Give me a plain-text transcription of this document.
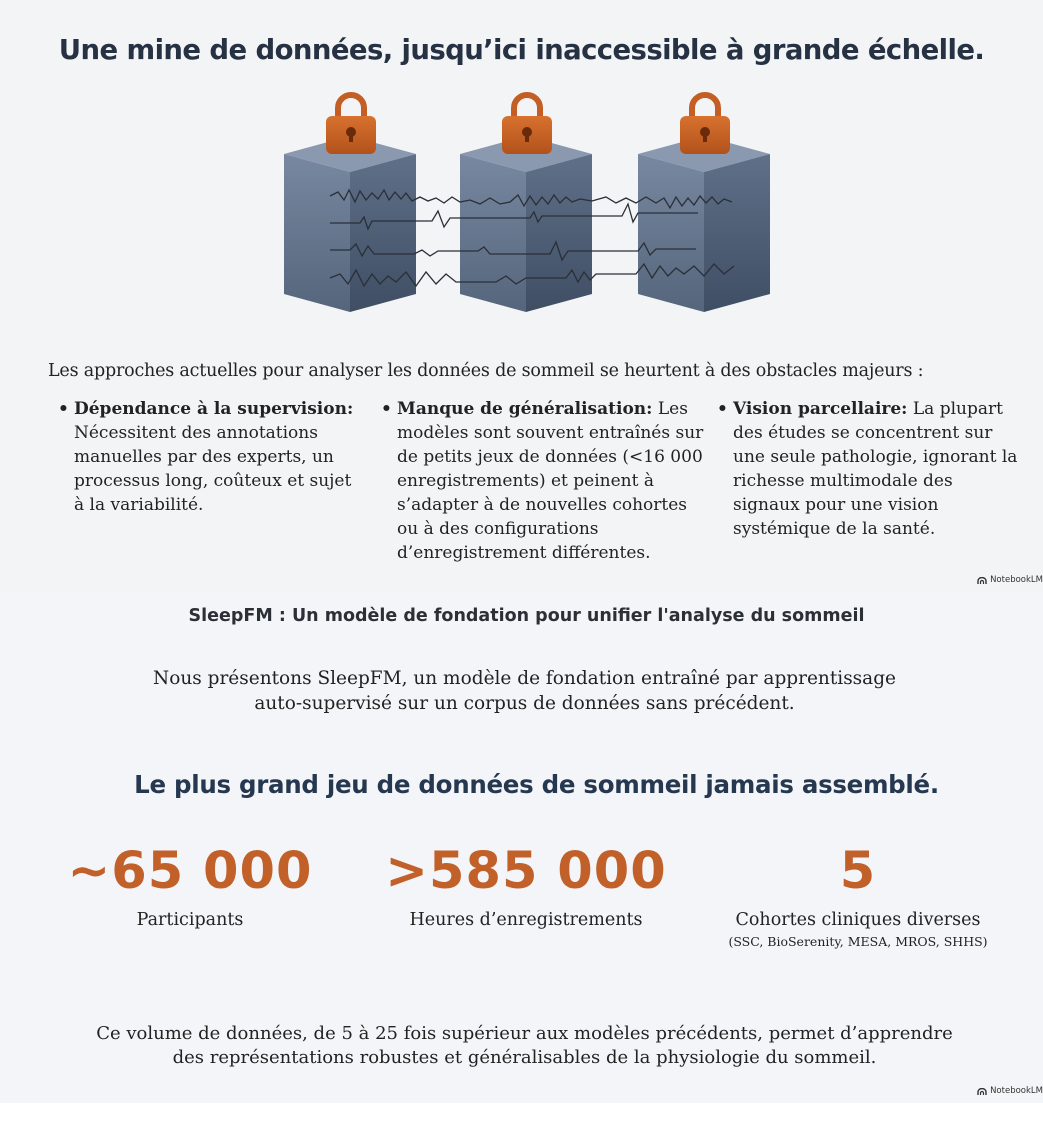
Une mine de données, jusqu’ici inaccessible à grande échelle.

Les approches actuelles pour analyser les données de sommeil se heurtent à des obstacles majeurs :

• Dépendance à la supervision: Nécessitent des annotations manuelles par des experts, un processus long, coûteux et sujet à la variabilité.
• Manque de généralisation: Les modèles sont souvent entraînés sur de petits jeux de données (<16 000 enregistrements) et peinent à s’adapter à de nouvelles cohortes ou à des configurations d’enregistrement différentes.
• Vision parcellaire: La plupart des études se concentrent sur une seule pathologie, ignorant la richesse multimodale des signaux pour une vision systémique de la santé.
NotebookLM
SleepFM : Un modèle de fondation pour unifier l'analyse du sommeil

Nous présentons SleepFM, un modèle de fondation entraîné par apprentissage
auto-supervisé sur un corpus de données sans précédent.

Le plus grand jeu de données de sommeil jamais assemblé.
~65 000
Participants
>585 000
Heures d’enregistrements
5
Cohortes cliniques diverses
(SSC, BioSerenity, MESA, MROS, SHHS)

Ce volume de données, de 5 à 25 fois supérieur aux modèles précédents, permet d’apprendre
des représentations robustes et généralisables de la physiologie du sommeil.

NotebookLM
